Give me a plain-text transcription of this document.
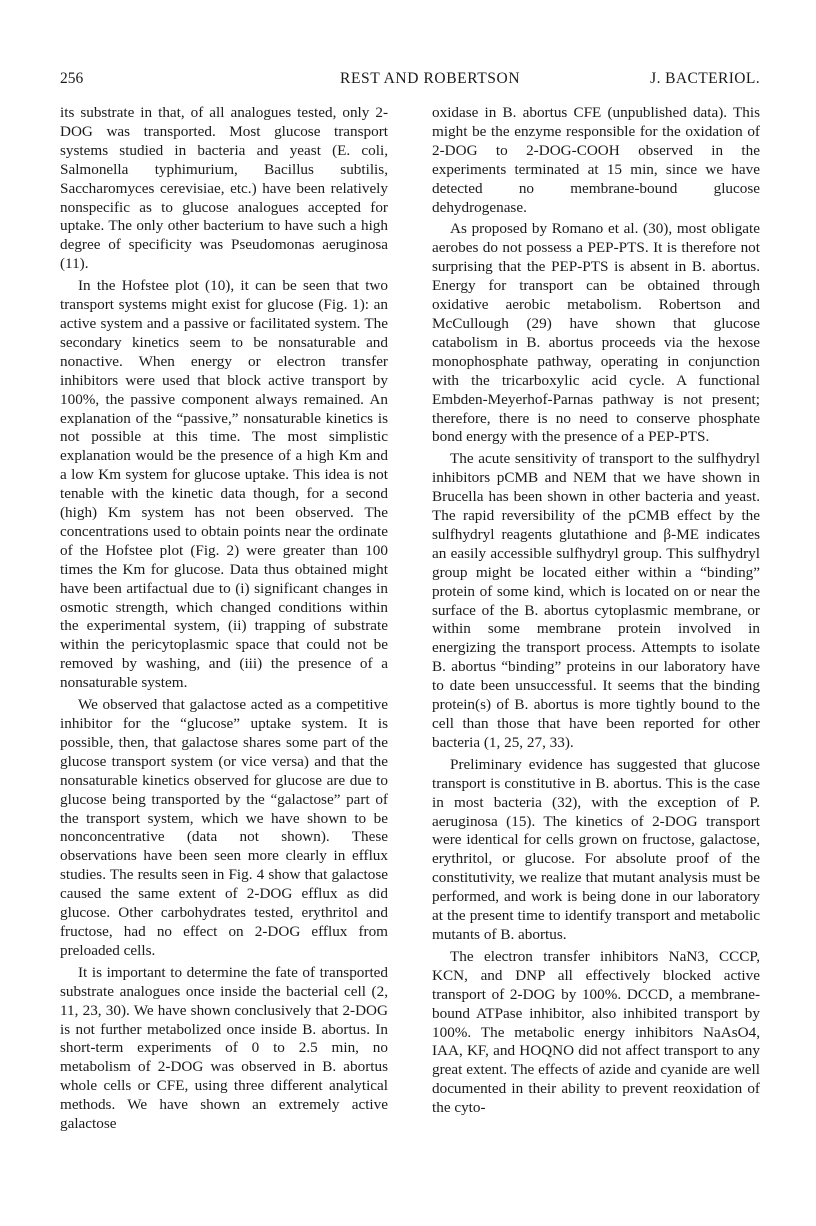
256	REST AND ROBERTSON	J. BACTERIOL.

its substrate in that, of all analogues tested, only 2-DOG was transported. Most glucose transport systems studied in bacteria and yeast (E. coli, Salmonella typhimurium, Bacillus subtilis, Saccharomyces cerevisiae, etc.) have been relatively nonspecific as to glucose analogues accepted for uptake. The only other bacterium to have such a high degree of specificity was Pseudomonas aeruginosa (11).

In the Hofstee plot (10), it can be seen that two transport systems might exist for glucose (Fig. 1): an active system and a passive or facilitated system. The secondary kinetics seem to be nonsaturable and nonactive. When energy or electron transfer inhibitors were used that block active transport by 100%, the passive component always remained. An explanation of the “passive,” nonsaturable kinetics is not possible at this time. The most simplistic explanation would be the presence of a high Km and a low Km system for glucose uptake. This idea is not tenable with the kinetic data though, for a second (high) Km system has not been observed. The concentrations used to obtain points near the ordinate of the Hofstee plot (Fig. 2) were greater than 100 times the Km for glucose. Data thus obtained might have been artifactual due to (i) significant changes in osmotic strength, which changed conditions within the experimental system, (ii) trapping of substrate within the pericytoplasmic space that could not be removed by washing, and (iii) the presence of a nonsaturable system.

We observed that galactose acted as a competitive inhibitor for the “glucose” uptake system. It is possible, then, that galactose shares some part of the glucose transport system (or vice versa) and that the nonsaturable kinetics observed for glucose are due to glucose being transported by the “galactose” part of the transport system, which we have shown to be nonconcentrative (data not shown). These observations have been seen more clearly in efflux studies. The results seen in Fig. 4 show that galactose caused the same extent of 2-DOG efflux as did glucose. Other carbohydrates tested, erythritol and fructose, had no effect on 2-DOG efflux from preloaded cells.

It is important to determine the fate of transported substrate analogues once inside the bacterial cell (2, 11, 23, 30). We have shown conclusively that 2-DOG is not further metabolized once inside B. abortus. In short-term experiments of 0 to 2.5 min, no metabolism of 2-DOG was observed in B. abortus whole cells or CFE, using three different analytical methods. We have shown an extremely active galactose

oxidase in B. abortus CFE (unpublished data). This might be the enzyme responsible for the oxidation of 2-DOG to 2-DOG-COOH observed in the experiments terminated at 15 min, since we have detected no membrane-bound glucose dehydrogenase.

As proposed by Romano et al. (30), most obligate aerobes do not possess a PEP-PTS. It is therefore not surprising that the PEP-PTS is absent in B. abortus. Energy for transport can be obtained through oxidative aerobic metabolism. Robertson and McCullough (29) have shown that glucose catabolism in B. abortus proceeds via the hexose monophosphate pathway, operating in conjunction with the tricarboxylic acid cycle. A functional Embden-Meyerhof-Parnas pathway is not present; therefore, there is no need to conserve phosphate bond energy with the presence of a PEP-PTS.

The acute sensitivity of transport to the sulfhydryl inhibitors pCMB and NEM that we have shown in Brucella has been shown in other bacteria and yeast. The rapid reversibility of the pCMB effect by the sulfhydryl reagents glutathione and β-ME indicates an easily accessible sulfhydryl group. This sulfhydryl group might be located either within a “binding” protein of some kind, which is located on or near the surface of the B. abortus cytoplasmic membrane, or within some membrane protein involved in energizing the transport process. Attempts to isolate B. abortus “binding” proteins in our laboratory have to date been unsuccessful. It seems that the binding protein(s) of B. abortus is more tightly bound to the cell than those that have been reported for other bacteria (1, 25, 27, 33).

Preliminary evidence has suggested that glucose transport is constitutive in B. abortus. This is the case in most bacteria (32), with the exception of P. aeruginosa (15). The kinetics of 2-DOG transport were identical for cells grown on fructose, galactose, erythritol, or glucose. For absolute proof of the constitutivity, we realize that mutant analysis must be performed, and work is being done in our laboratory at the present time to identify transport and metabolic mutants of B. abortus.

The electron transfer inhibitors NaN3, CCCP, KCN, and DNP all effectively blocked active transport of 2-DOG by 100%. DCCD, a membrane-bound ATPase inhibitor, also inhibited transport by 100%. The metabolic energy inhibitors NaAsO4, IAA, KF, and HOQNO did not affect transport to any great extent. The effects of azide and cyanide are well documented in their ability to prevent reoxidation of the cyto-
